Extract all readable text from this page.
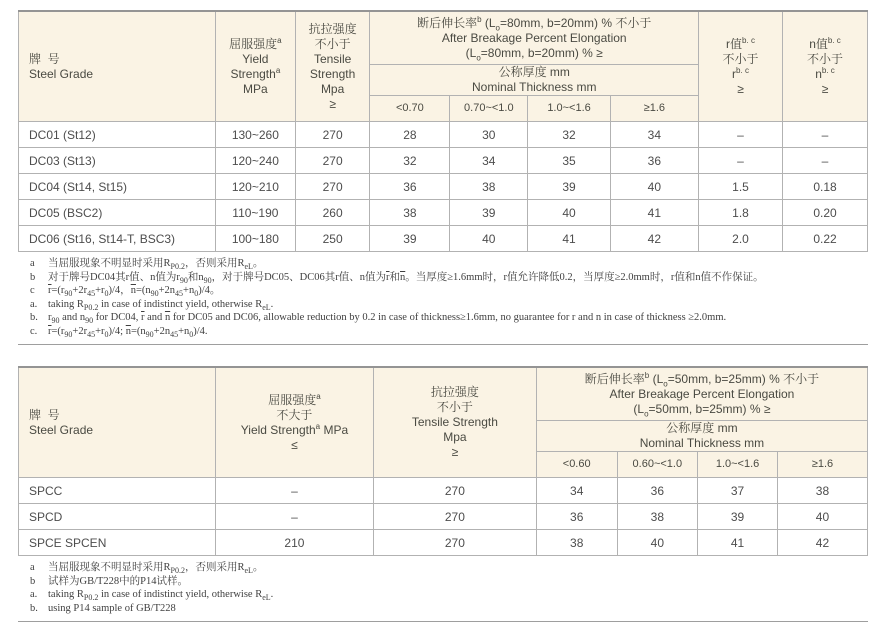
牌  号
Steel Grade	屈服强度$^a$
Yield
Strength$^a$
MPa	抗拉强度
不小于
Tensile
Strength
Mpa
≥	断后伸长率$^b$ ($L_o=80mm$, b=20mm) % 不小于
After Breakage Percent Elongation
($L_o=80mm$, b=20mm) % ≥	r值$^{b. c}$
不小于
$r^{b. c}$
≥	n值$^{b. c}$
不小于
$n^{b. c}$
≥
			公称厚度 mm
Nominal Thickness mm					
			<0.70	0.70~<1.0	1.0~<1.6	≥1.6		
DC01 (St12)	130~260	270	28	30	32	34	–	–
DC03 (St13)	120~240	270	32	34	35	36	–	–
DC04 (St14, St15)	120~210	270	36	38	39	40	1.5	0.18
DC05 (BSC2)	110~190	260	38	39	40	41	1.8	0.20
DC06 (St16, St14-T, BSC3)	100~180	250	39	40	41	42	2.0	0.22
a 当屈服现象不明显时采用$R_{P0.2}$，否则采用$R_{eL}$。
b 对于牌号DC04其r值、n值为$r_{90}$和$n_{90}$，对于牌号DC05、DC06其r值、n值为$\overline{r}$和$\overline{n}$。当厚度≥1.6mm时，r值允许降低0.2，当厚度≥2.0mm时，r值和n值不作保证。
c $\overline{r}=(r_{90}+2r_{45}+r_0)/4$，$\overline{n}=(n_{90}+2n_{45}+n_0)/4$。
a. taking $R_{P0.2}$ in case of indistinct yield, otherwise $R_{eL}$.
b. $r_{90}$ and $n_{90}$ for DC04, $\overline{r}$ and $\overline{n}$ for DC05 and DC06, allowable reduction by 0.2 in case of thickness≥1.6mm, no guarantee for r and n in case of thickness ≥2.0mm.
c. $\overline{r}=(r_{90}+2r_{45}+r_0)/4$; $\overline{n}=(n_{90}+2n_{45}+n_0)/4$.
牌  号
Steel Grade	屈服强度$^a$
不大于
Yield Strength$^a$ MPa
≤	抗拉强度
不小于
Tensile Strength
Mpa
≥	断后伸长率$^b$ ($L_o=50mm$, b=25mm) % 不小于
After Breakage Percent Elongation
($L_o=50mm$, b=25mm) % ≥			
			公称厚度 mm
Nominal Thickness mm			
			<0.60	0.60~<1.0	1.0~<1.6	≥1.6
SPCC	–	270	34	36	37	38
SPCD	–	270	36	38	39	40
SPCE SPCEN	210	270	38	40	41	42
a 当屈服现象不明显时采用$R_{P0.2}$，否则采用$R_{eL}$。
b 试样为GB/T228中的P14试样。
a. taking $R_{P0.2}$ in case of indistinct yield, otherwise $R_{eL}$.
b. using P14 sample of GB/T228
